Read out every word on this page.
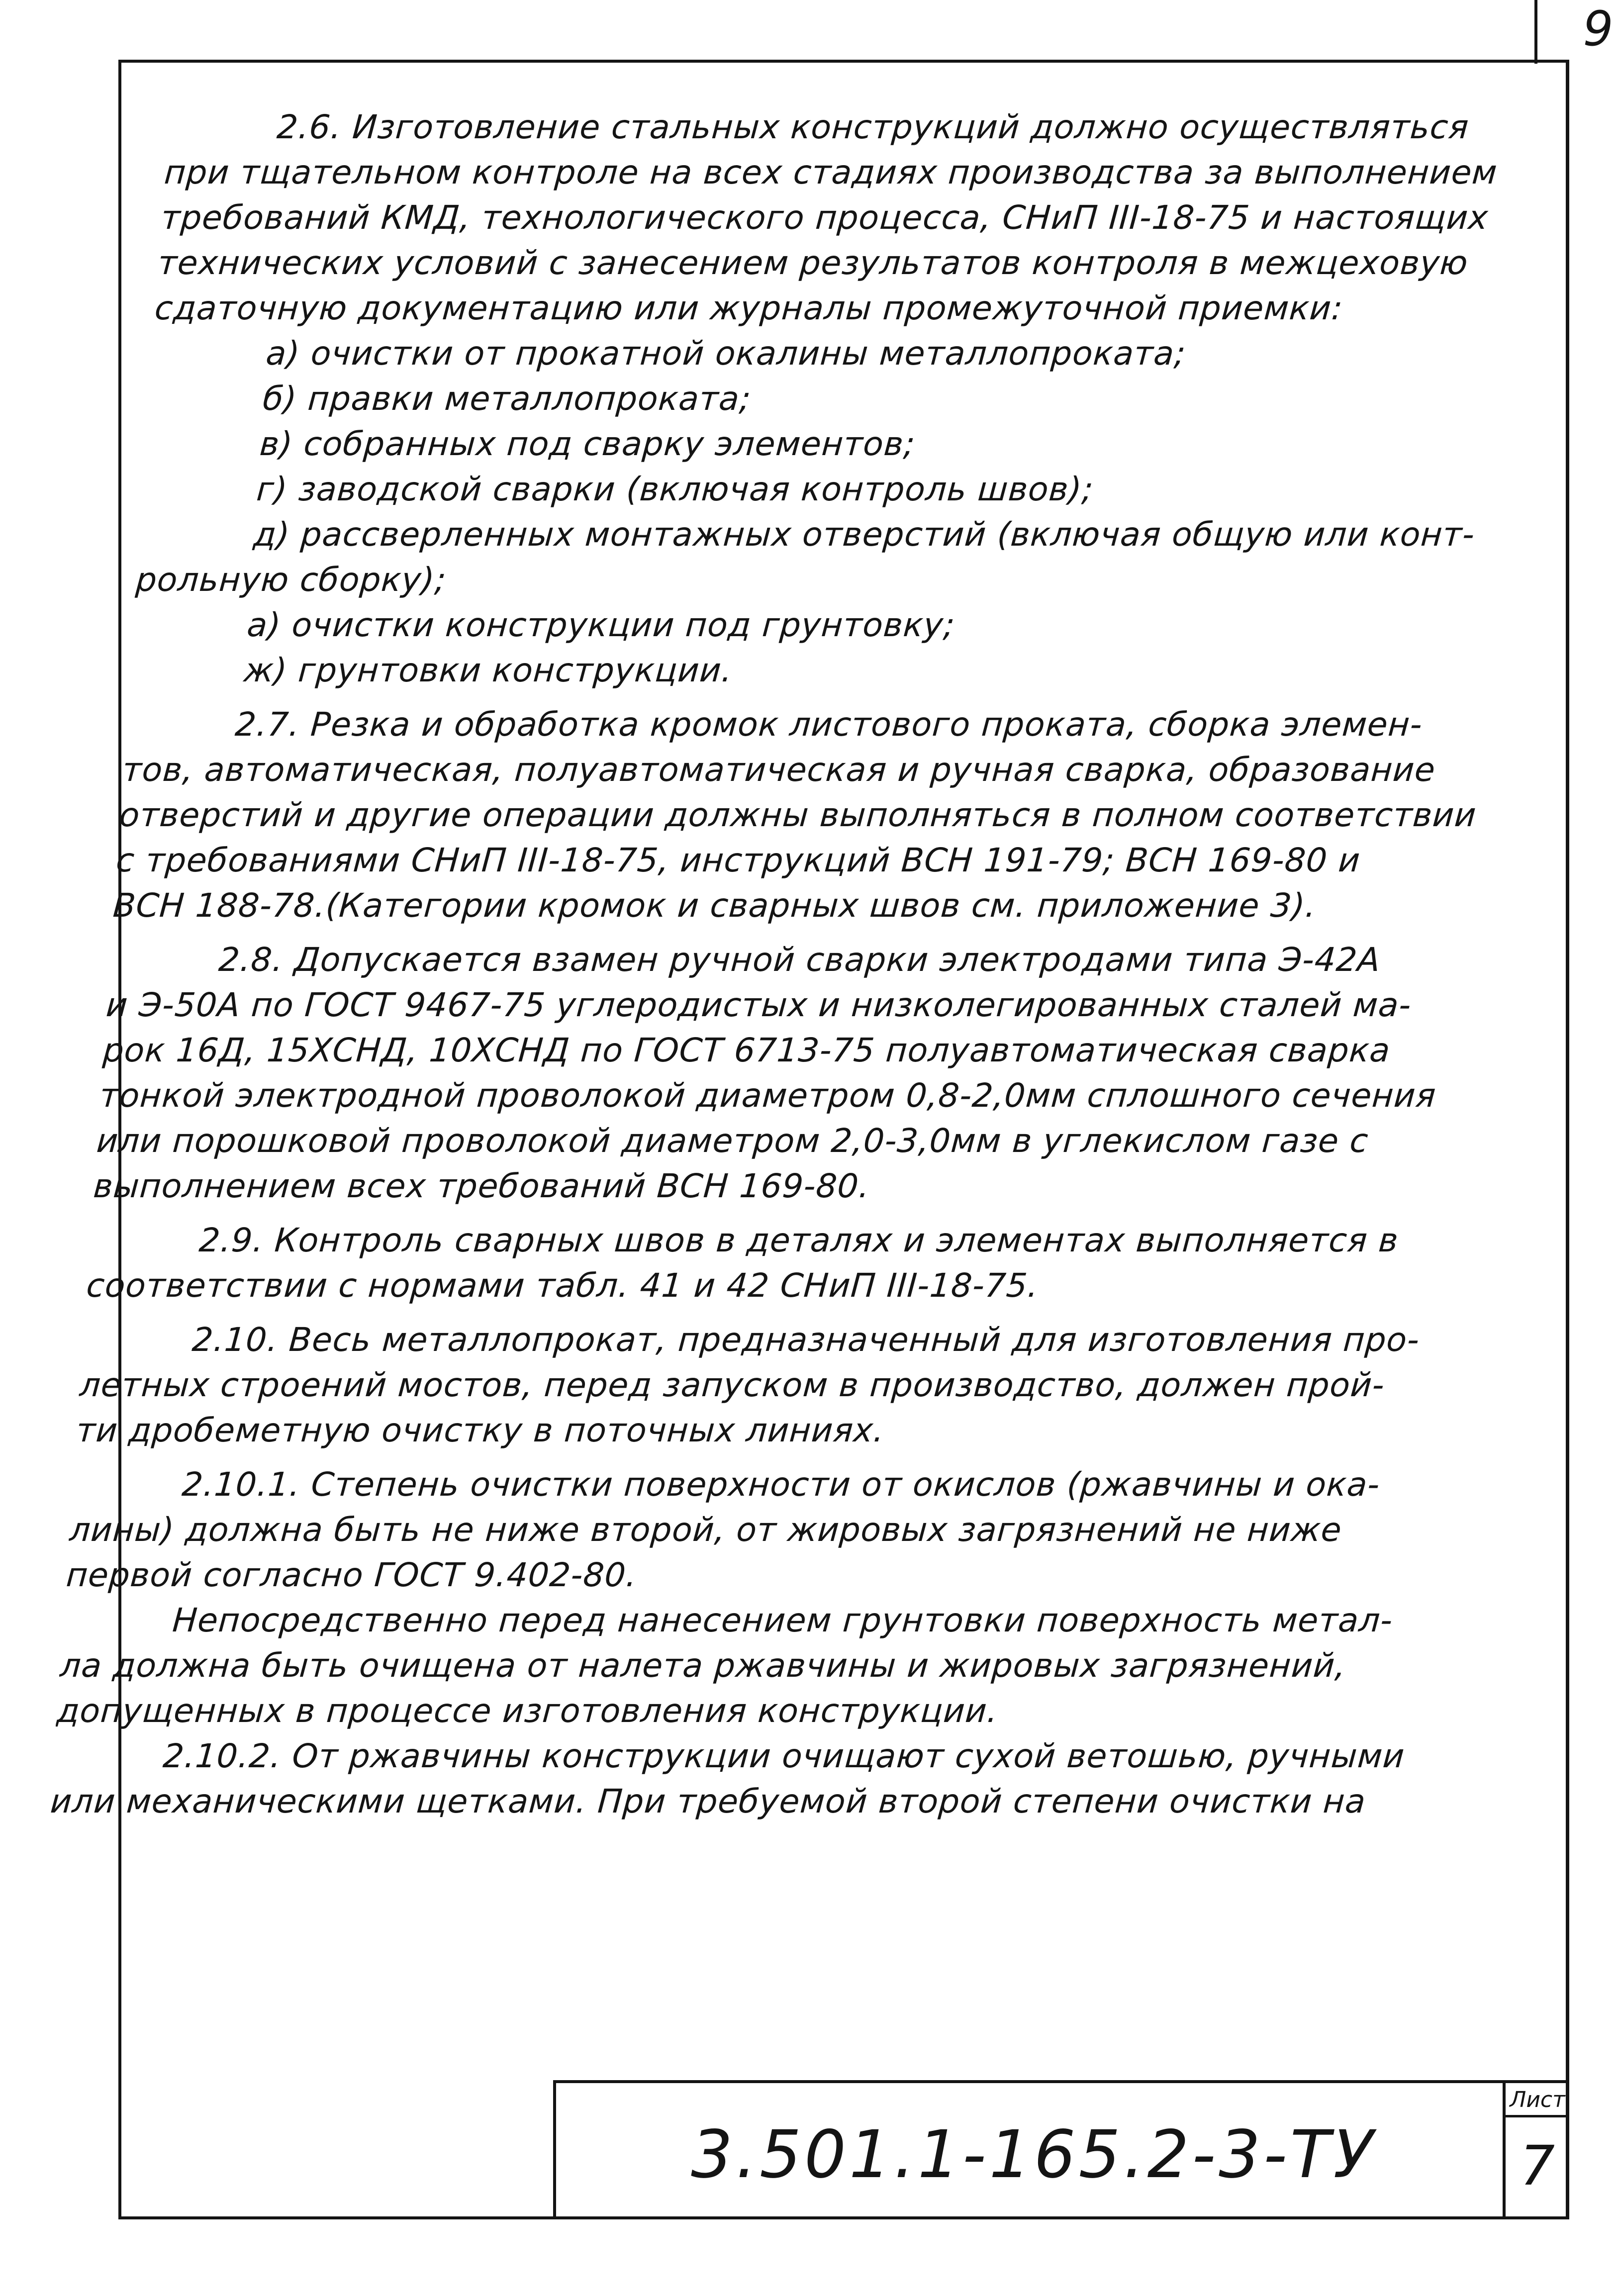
9
2.6. Изготовление стальных конструкций должно осуществляться
при тщательном контроле на всех стадиях производства за выполнением
требований КМД, технологического процесса, СНиП III-18-75 и настоящих
технических условий с занесением результатов контроля в межцеховую
сдаточную документацию или журналы промежуточной приемки:
а) очистки от прокатной окалины металлопроката;
б) правки металлопроката;
в) собранных под сварку элементов;
г) заводской сварки (включая контроль швов);
д) рассверленных монтажных отверстий (включая общую или конт-
рольную сборку);
а) очистки конструкции под грунтовку;
ж) грунтовки конструкции.
2.7. Резка и обработка кромок листового проката, сборка элемен-
тов, автоматическая, полуавтоматическая и ручная сварка, образование
отверстий и другие операции должны выполняться в полном соответствии
с требованиями СНиП III-18-75, инструкций ВСН 191-79; ВСН 169-80 и
ВСН 188-78.(Категории кромок и сварных швов см. приложение 3).
2.8. Допускается взамен ручной сварки электродами типа Э-42А
и Э-50А по ГОСТ 9467-75 углеродистых и низколегированных сталей ма-
рок 16Д, 15ХСНД, 10ХСНД по ГОСТ 6713-75 полуавтоматическая сварка
тонкой электродной проволокой диаметром 0,8-2,0мм сплошного сечения
или порошковой проволокой диаметром 2,0-3,0мм в углекислом газе с
выполнением всех требований ВСН 169-80.
2.9. Контроль сварных швов в деталях и элементах выполняется в
соответствии с нормами табл. 41 и 42 СНиП III-18-75.
2.10. Весь металлопрокат, предназначенный для изготовления про-
летных строений мостов, перед запуском в производство, должен прой-
ти дробеметную очистку в поточных линиях.
2.10.1. Степень очистки поверхности от окислов (ржавчины и ока-
лины) должна быть не ниже второй, от жировых загрязнений не ниже
первой согласно ГОСТ 9.402-80.
Непосредственно перед нанесением грунтовки поверхность метал-
ла должна быть очищена от налета ржавчины и жировых загрязнений,
допущенных в процессе изготовления конструкции.
2.10.2. От ржавчины конструкции очищают сухой ветошью, ручными
или механическими щетками. При требуемой второй степени очистки на
3.501.1-165.2-3-ТУ
Лист
7
